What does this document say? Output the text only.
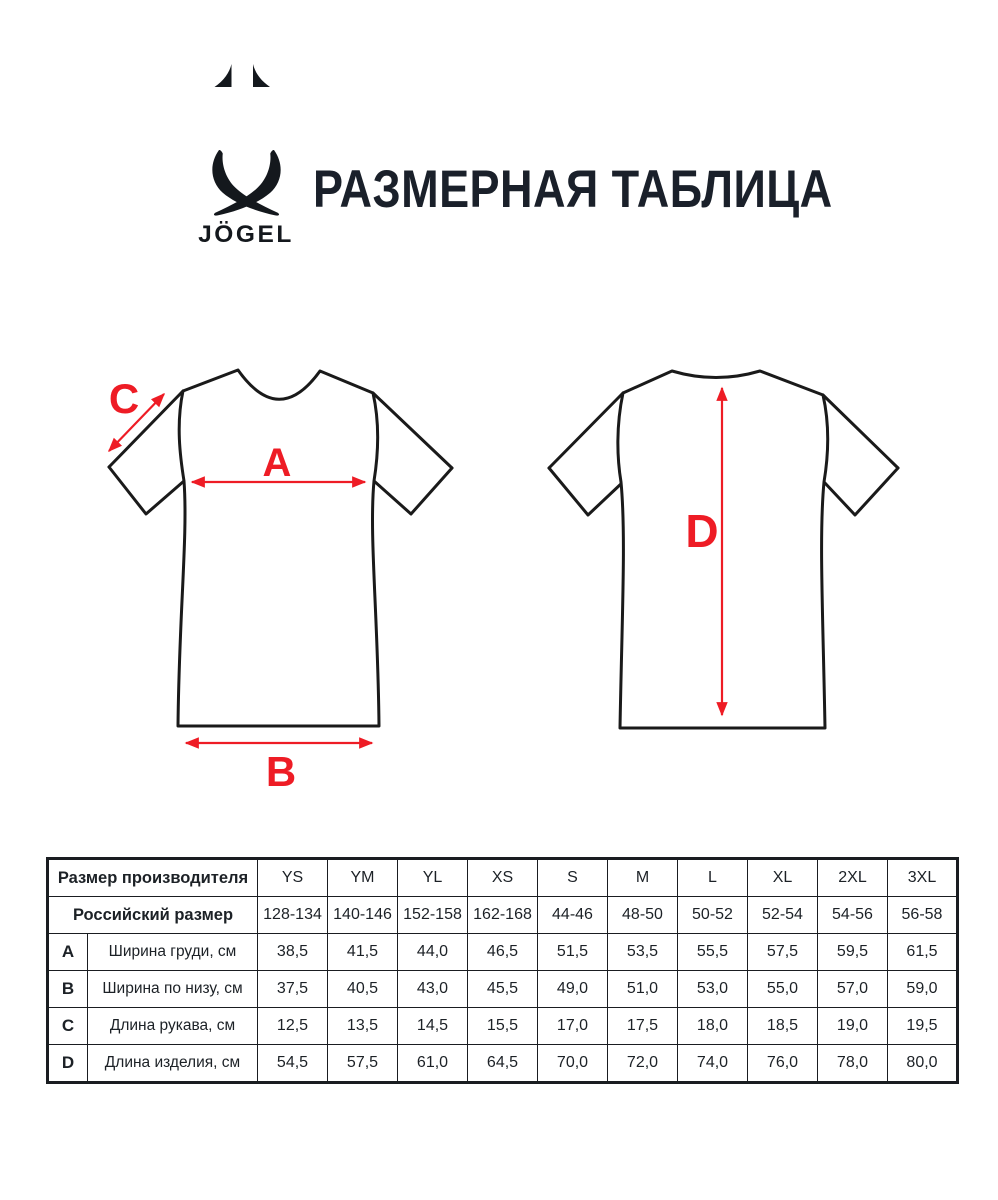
JÖGEL
РАЗМЕРНАЯ ТАБЛИЦА
A
B
C
D
Размер производителя		YS	YM	YL	XS	S	M	L	XL	2XL	3XL
Российский размер		128-134	140-146	152-158	162-168	44-46	48-50	50-52	52-54	54-56	56-58
A	Ширина груди, см	38,5	41,5	44,0	46,5	51,5	53,5	55,5	57,5	59,5	61,5
B	Ширина по низу, см	37,5	40,5	43,0	45,5	49,0	51,0	53,0	55,0	57,0	59,0
C	Длина рукава, см	12,5	13,5	14,5	15,5	17,0	17,5	18,0	18,5	19,0	19,5
D	Длина изделия, см	54,5	57,5	61,0	64,5	70,0	72,0	74,0	76,0	78,0	80,0
